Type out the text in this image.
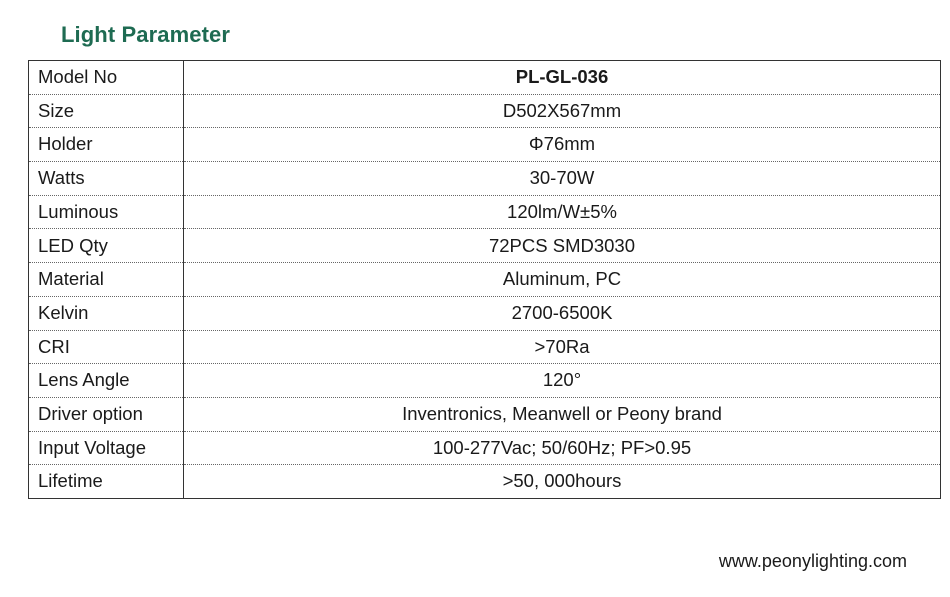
Light Parameter
Model No	PL-GL-036
Size	D502X567mm
Holder	Φ76mm
Watts	30-70W
Luminous	120lm/W±5%
LED Qty	72PCS SMD3030
Material	Aluminum, PC
Kelvin	2700-6500K
CRI	>70Ra
Lens Angle	120°
Driver option	Inventronics, Meanwell or Peony brand
Input Voltage	100-277Vac; 50/60Hz; PF>0.95
Lifetime	>50, 000hours
www.peonylighting.com
